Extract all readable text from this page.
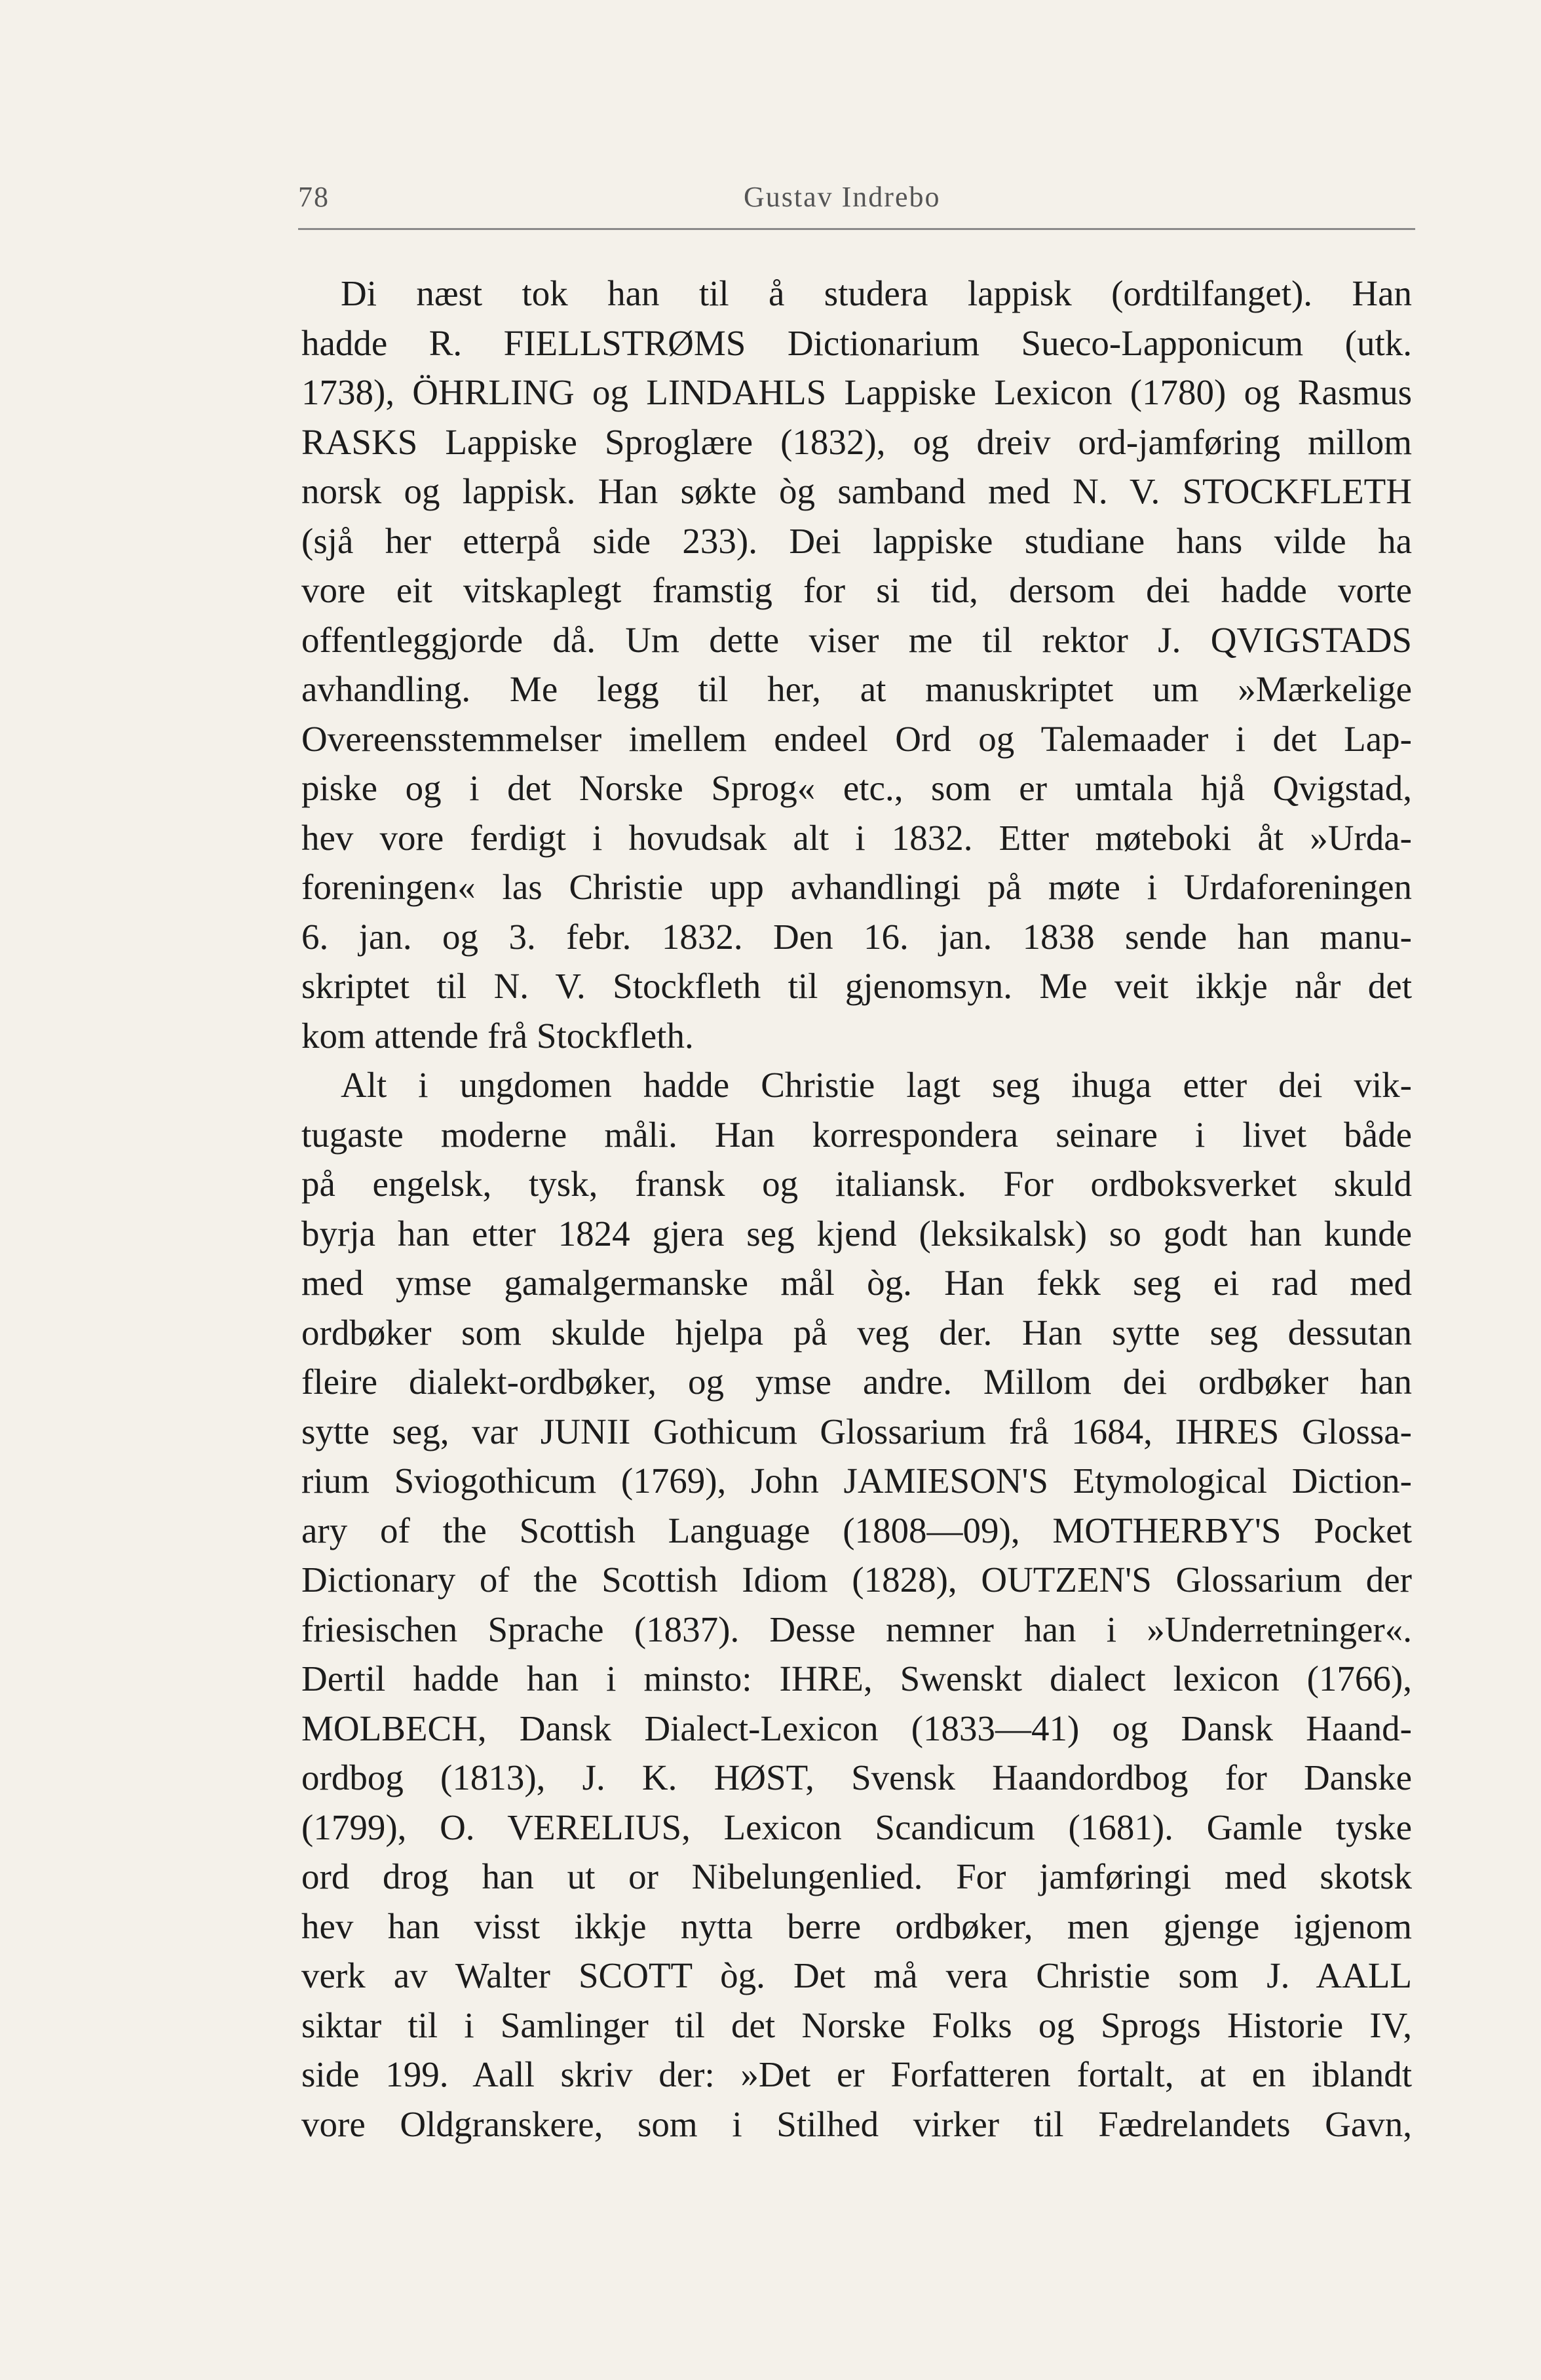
78	Gustav Indrebo

Di næst tok han til å studera lappisk (ordtilfanget). Han
hadde R. FIELLSTRØMS Dictionarium Sueco-Lapponicum (utk.
1738), ÖHRLING og LINDAHLS Lappiske Lexicon (1780) og Rasmus
RASKS Lappiske Sproglære (1832), og dreiv ord-jamføring millom
norsk og lappisk. Han søkte òg samband med N. V. STOCKFLETH
(sjå her etterpå side 233). Dei lappiske studiane hans vilde ha
vore eit vitskaplegt framstig for si tid, dersom dei hadde vorte
offentleggjorde då. Um dette viser me til rektor J. QVIGSTADS
avhandling. Me legg til her, at manuskriptet um »Mærkelige
Overeensstemmelser imellem endeel Ord og Talemaader i det Lap-
piske og i det Norske Sprog« etc., som er umtala hjå Qvigstad,
hev vore ferdigt i hovudsak alt i 1832. Etter møteboki åt »Urda-
foreningen« las Christie upp avhandlingi på møte i Urdaforeningen
6. jan. og 3. febr. 1832. Den 16. jan. 1838 sende han manu-
skriptet til N. V. Stockfleth til gjenomsyn. Me veit ikkje når det
kom attende frå Stockfleth.

Alt i ungdomen hadde Christie lagt seg ihuga etter dei vik-
tugaste moderne måli. Han korrespondera seinare i livet både
på engelsk, tysk, fransk og italiansk. For ordboksverket skuld
byrja han etter 1824 gjera seg kjend (leksikalsk) so godt han kunde
med ymse gamalgermanske mål òg. Han fekk seg ei rad med
ordbøker som skulde hjelpa på veg der. Han sytte seg dessutan
fleire dialekt-ordbøker, og ymse andre. Millom dei ordbøker han
sytte seg, var JUNII Gothicum Glossarium frå 1684, IHRES Glossa-
rium Sviogothicum (1769), John JAMIESON'S Etymological Diction-
ary of the Scottish Language (1808—09), MOTHERBY'S Pocket
Dictionary of the Scottish Idiom (1828), OUTZEN'S Glossarium der
friesischen Sprache (1837). Desse nemner han i »Underretninger«.
Dertil hadde han i minsto: IHRE, Swenskt dialect lexicon (1766),
MOLBECH, Dansk Dialect-Lexicon (1833—41) og Dansk Haand-
ordbog (1813), J. K. HØST, Svensk Haandordbog for Danske
(1799), O. VERELIUS, Lexicon Scandicum (1681). Gamle tyske
ord drog han ut or Nibelungenlied. For jamføringi med skotsk
hev han visst ikkje nytta berre ordbøker, men gjenge igjenom
verk av Walter SCOTT òg. Det må vera Christie som J. AALL
siktar til i Samlinger til det Norske Folks og Sprogs Historie IV,
side 199. Aall skriv der: »Det er Forfatteren fortalt, at en iblandt
vore Oldgranskere, som i Stilhed virker til Fædrelandets Gavn,
